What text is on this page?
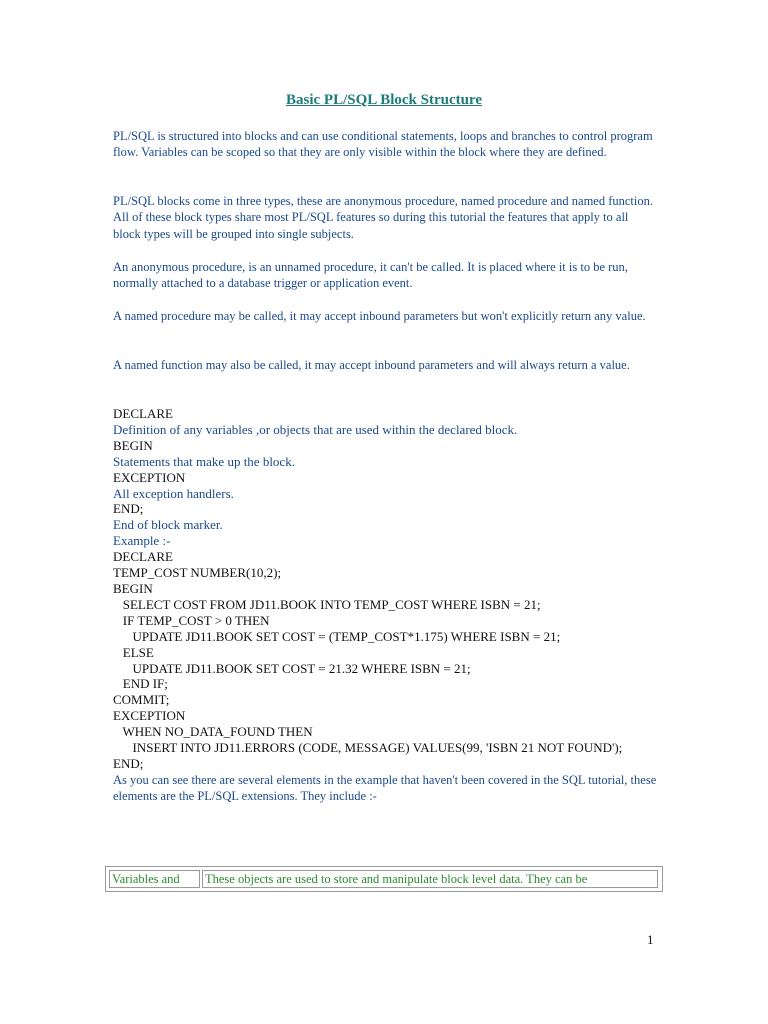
Basic PL/SQL Block Structure
PL/SQL is structured into blocks and can use conditional statements, loops and branches to control program flow. Variables can be scoped so that they are only visible within the block where they are defined.
PL/SQL blocks come in three types, these are anonymous procedure, named procedure and named function. All of these block types share most PL/SQL features so during this tutorial the features that apply to all block types will be grouped into single subjects.
An anonymous procedure, is an unnamed procedure, it can't be called. It is placed where it is to be run, normally attached to a database trigger or application event.
A named procedure may be called, it may accept inbound parameters but won't explicitly return any value.
A named function may also be called, it may accept inbound parameters and will always return a value.
DECLARE
Definition of any variables ,or objects that are used within the declared block.
BEGIN
Statements that make up the block.
EXCEPTION
All exception handlers.
END;
End of block marker.
Example :-
DECLARE
TEMP_COST NUMBER(10,2);
BEGIN
SELECT COST FROM JD11.BOOK INTO TEMP_COST WHERE ISBN = 21;
IF TEMP_COST > 0 THEN
UPDATE JD11.BOOK SET COST = (TEMP_COST*1.175) WHERE ISBN = 21;
ELSE
UPDATE JD11.BOOK SET COST = 21.32 WHERE ISBN = 21;
END IF;
COMMIT;
EXCEPTION
WHEN NO_DATA_FOUND THEN
INSERT INTO JD11.ERRORS (CODE, MESSAGE) VALUES(99, 'ISBN 21 NOT FOUND');
END;
As you can see there are several elements in the example that haven't been covered in the SQL tutorial, these elements are the PL/SQL extensions. They include :-
Variables and	These objects are used to store and manipulate block level data. They can be
1
